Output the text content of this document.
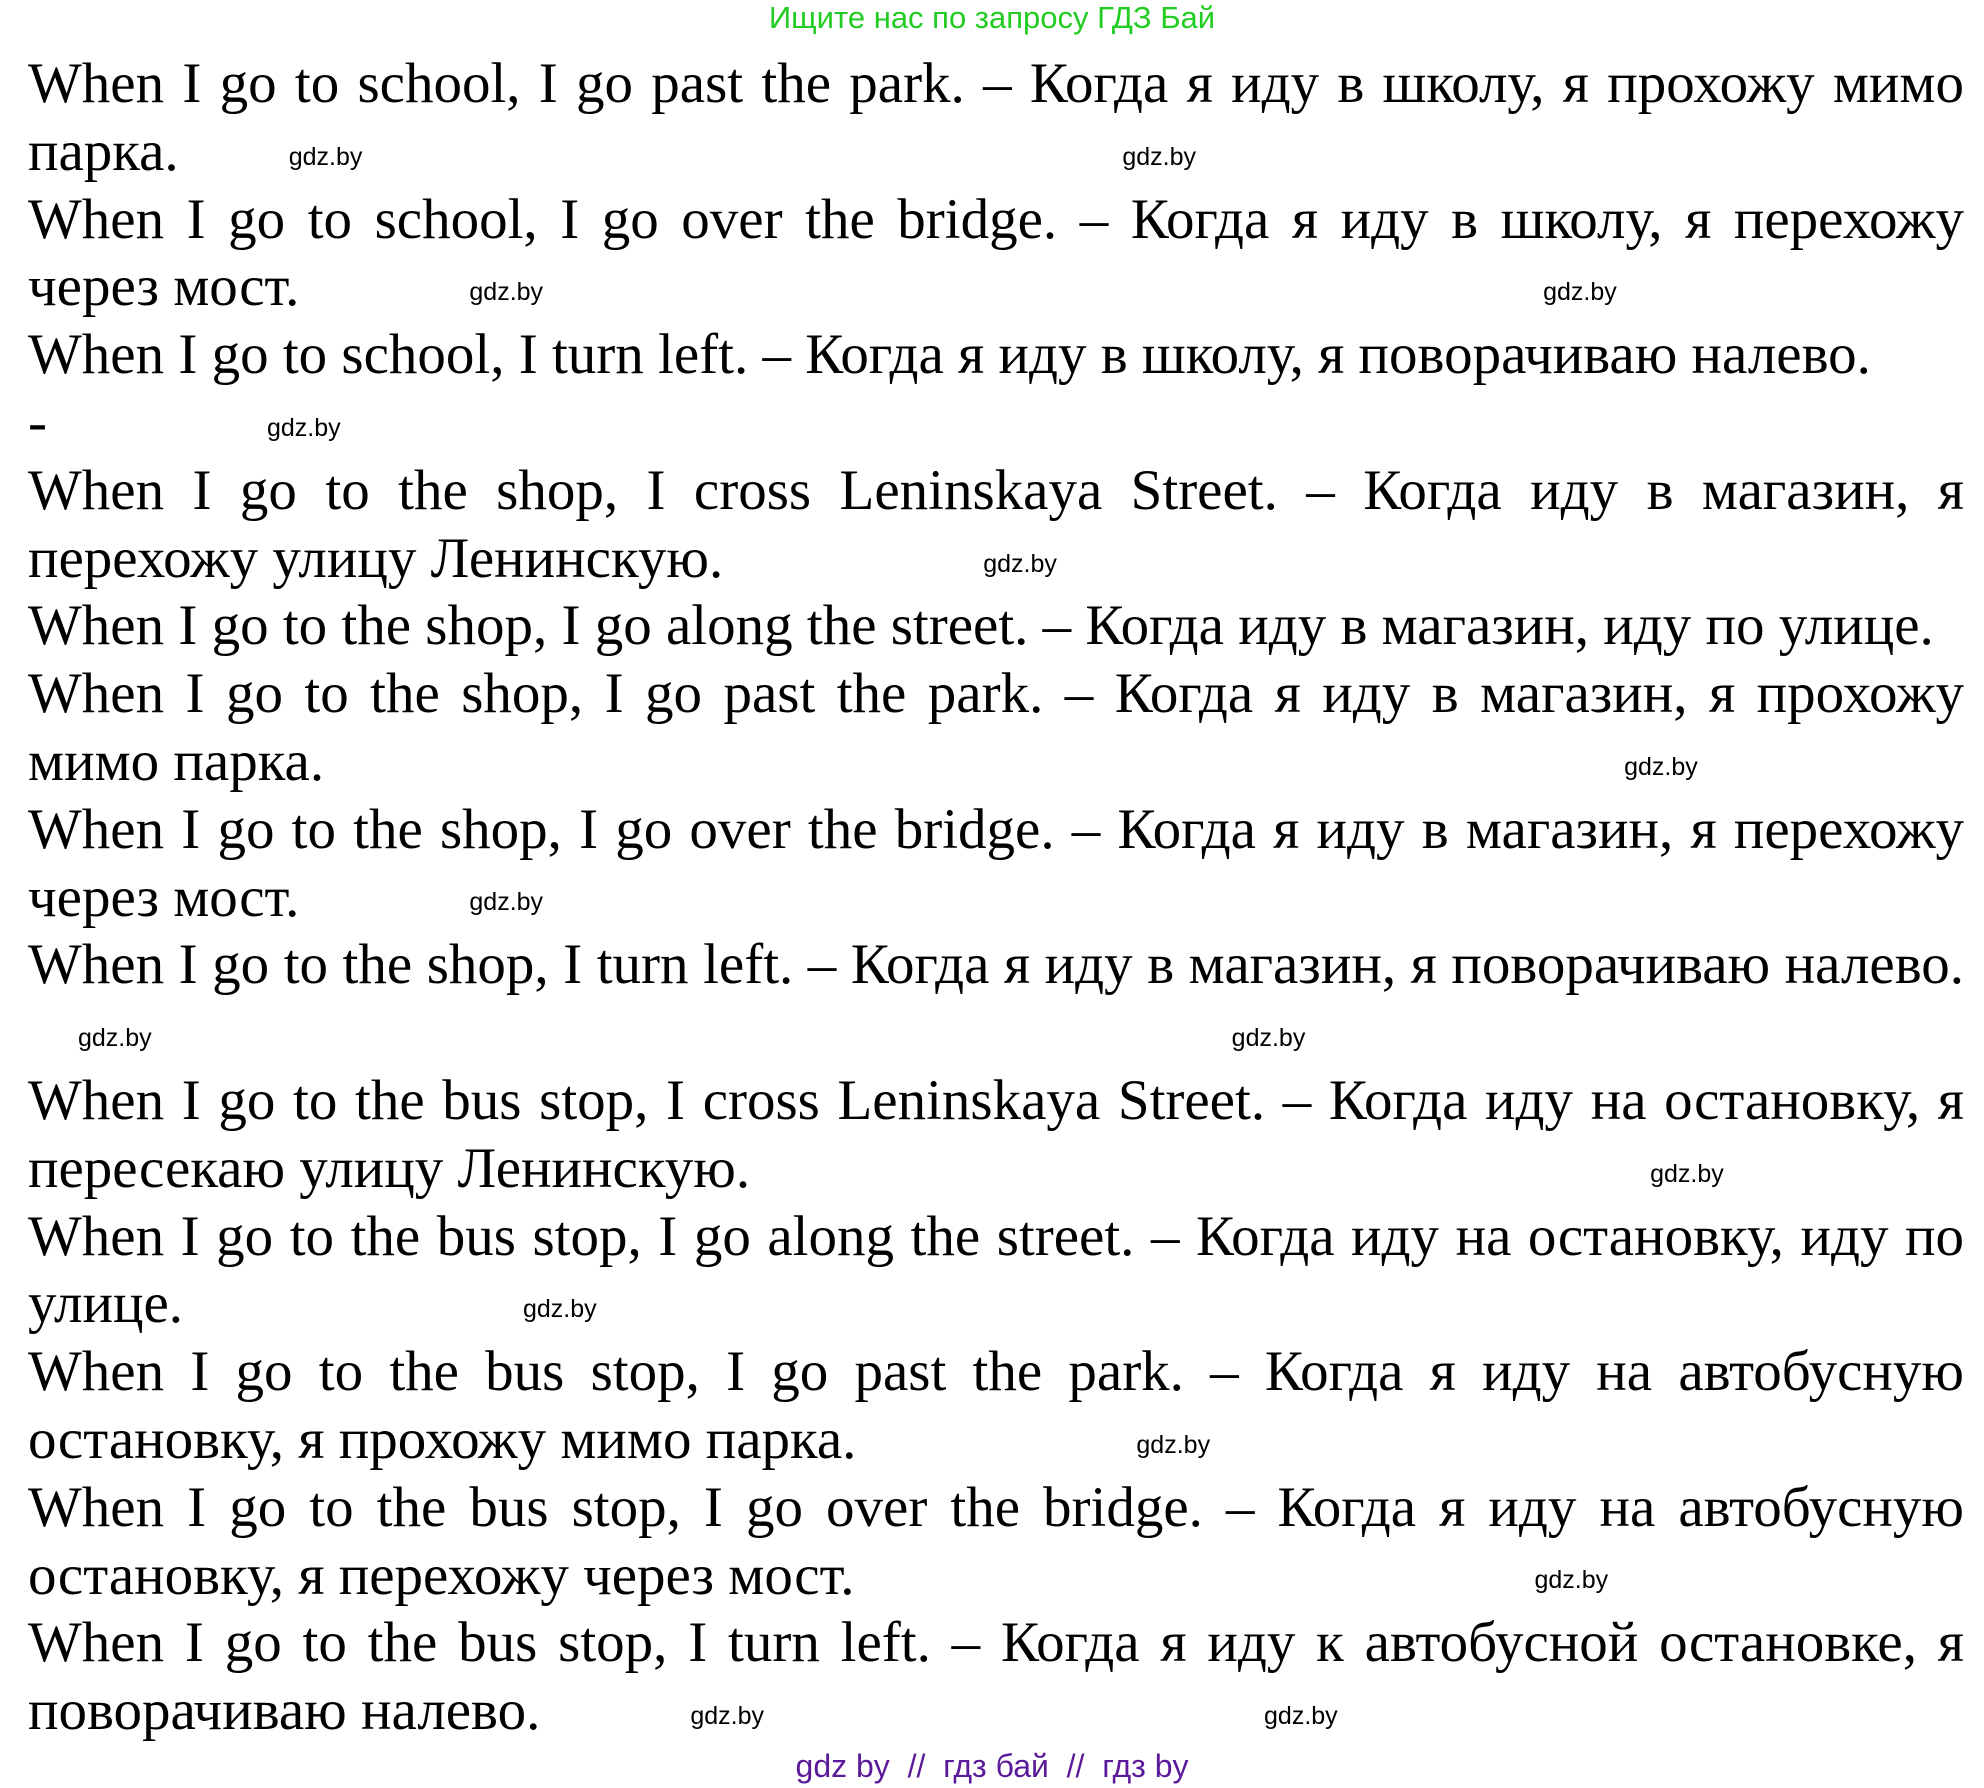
Ищите нас по запросу ГДЗ Бай

When I go to school, I go past the park. – Когда я иду в школу, я прохожу мимо парка.	gdz.by	gdz.by

When I go to school, I go over the bridge. – Когда я иду в школу, я перехожу через мост.	gdz.by	gdz.by

When I go to school, I turn left. – Когда я иду в школу, я поворачиваю налево.

-	gdz.by

When I go to the shop, I cross Leninskaya Street. – Когда иду в магазин, я перехожу улицу Ленинскую.	gdz.by

When I go to the shop, I go along the street. – Когда иду в магазин, иду по улице.

When I go to the shop, I go past the park. – Когда я иду в магазин, я прохожу мимо парка.	gdz.by

When I go to the shop, I go over the bridge. – Когда я иду в магазин, я перехожу через мост.	gdz.by

When I go to the shop, I turn left. – Когда я иду в магазин, я поворачиваю налево.gdz.by	gdz.by

When I go to the bus stop, I cross Leninskaya Street. – Когда иду на остановку, я пересекаю улицу Ленинскую.	gdz.by

When I go to the bus stop, I go along the street. – Когда иду на остановку, иду по улице.	gdz.by

When I go to the bus stop, I go past the park. – Когда я иду на автобусную остановку, я прохожу мимо парка.	gdz.by

When I go to the bus stop, I go over the bridge. – Когда я иду на автобусную остановку, я перехожу через мост.	gdz.by

When I go to the bus stop, I turn left. – Когда я иду к автобусной остановке, я поворачиваю налево.	gdz.by	gdz.by

gdz by  //  гдз бай  //  гдз by
